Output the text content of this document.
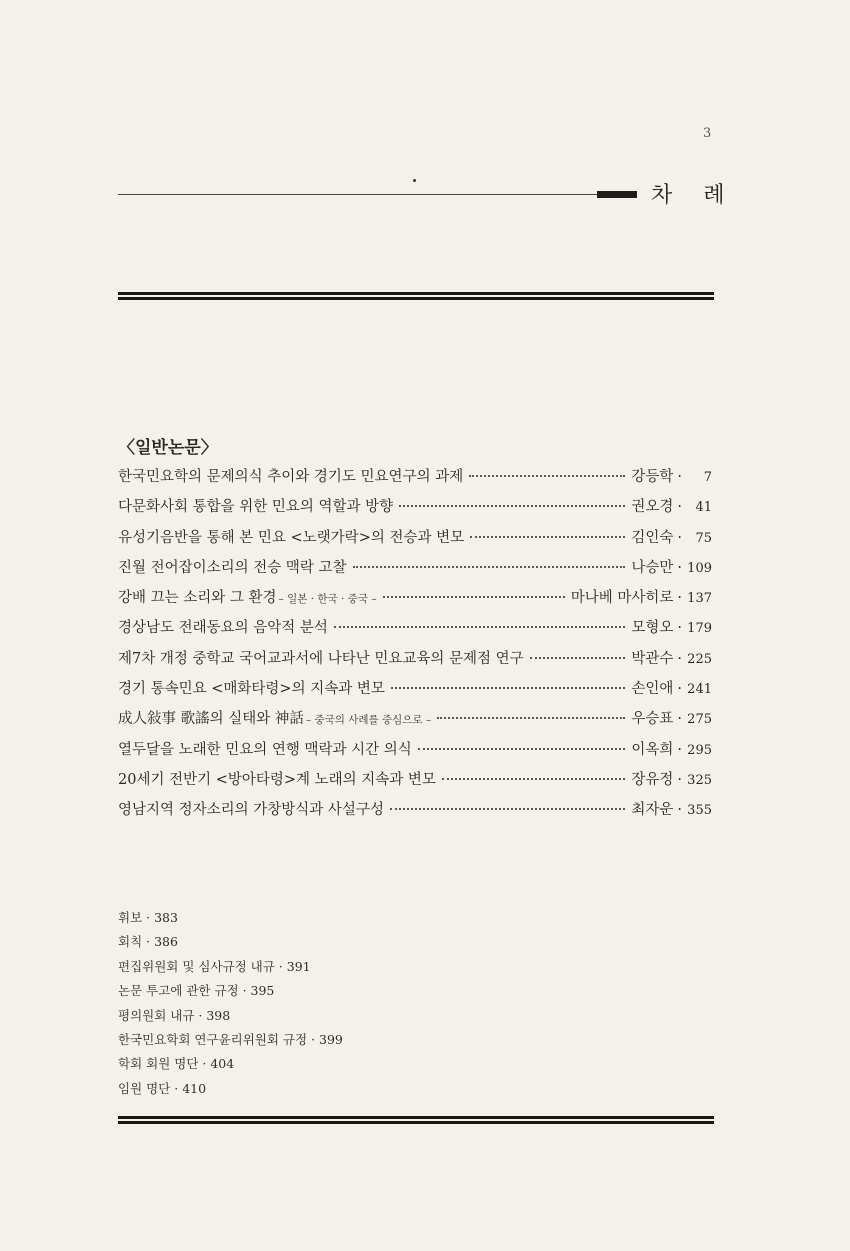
3
차 례
〈일반논문〉
한국민요학의 문제의식 추이와 경기도 민요연구의 과제	강등학 ·	7
다문화사회 통합을 위한 민요의 역할과 방향	권오경 ·	41
유성기음반을 통해 본 민요 <노랫가락>의 전승과 변모	김인숙 ·	75
진월 전어잡이소리의 전승 맥락 고찰	나승만 · 109
강배 끄는 소리와 그 환경 – 일본 · 한국 · 중국 –	마나베 마사히로 · 137
경상남도 전래동요의 음악적 분석	모형오 · 179
제7차 개정 중학교 국어교과서에 나타난 민요교육의 문제점 연구	박관수 · 225
경기 통속민요 <매화타령>의 지속과 변모	손인애 · 241
成人敍事 歌謠의 실태와 神話 – 중국의 사례를 중심으로 –	우승표 · 275
열두달을 노래한 민요의 연행 맥락과 시간 의식	이옥희 · 295
20세기 전반기 <방아타령>계 노래의 지속과 변모	장유정 · 325
영남지역 정자소리의 가창방식과 사설구성	최자운 · 355
휘보 · 383
회칙 · 386
편집위원회 및 심사규정 내규 · 391
논문 투고에 관한 규정 · 395
평의원회 내규 · 398
한국민요학회 연구윤리위원회 규정 · 399
학회 회원 명단 · 404
임원 명단 · 410
